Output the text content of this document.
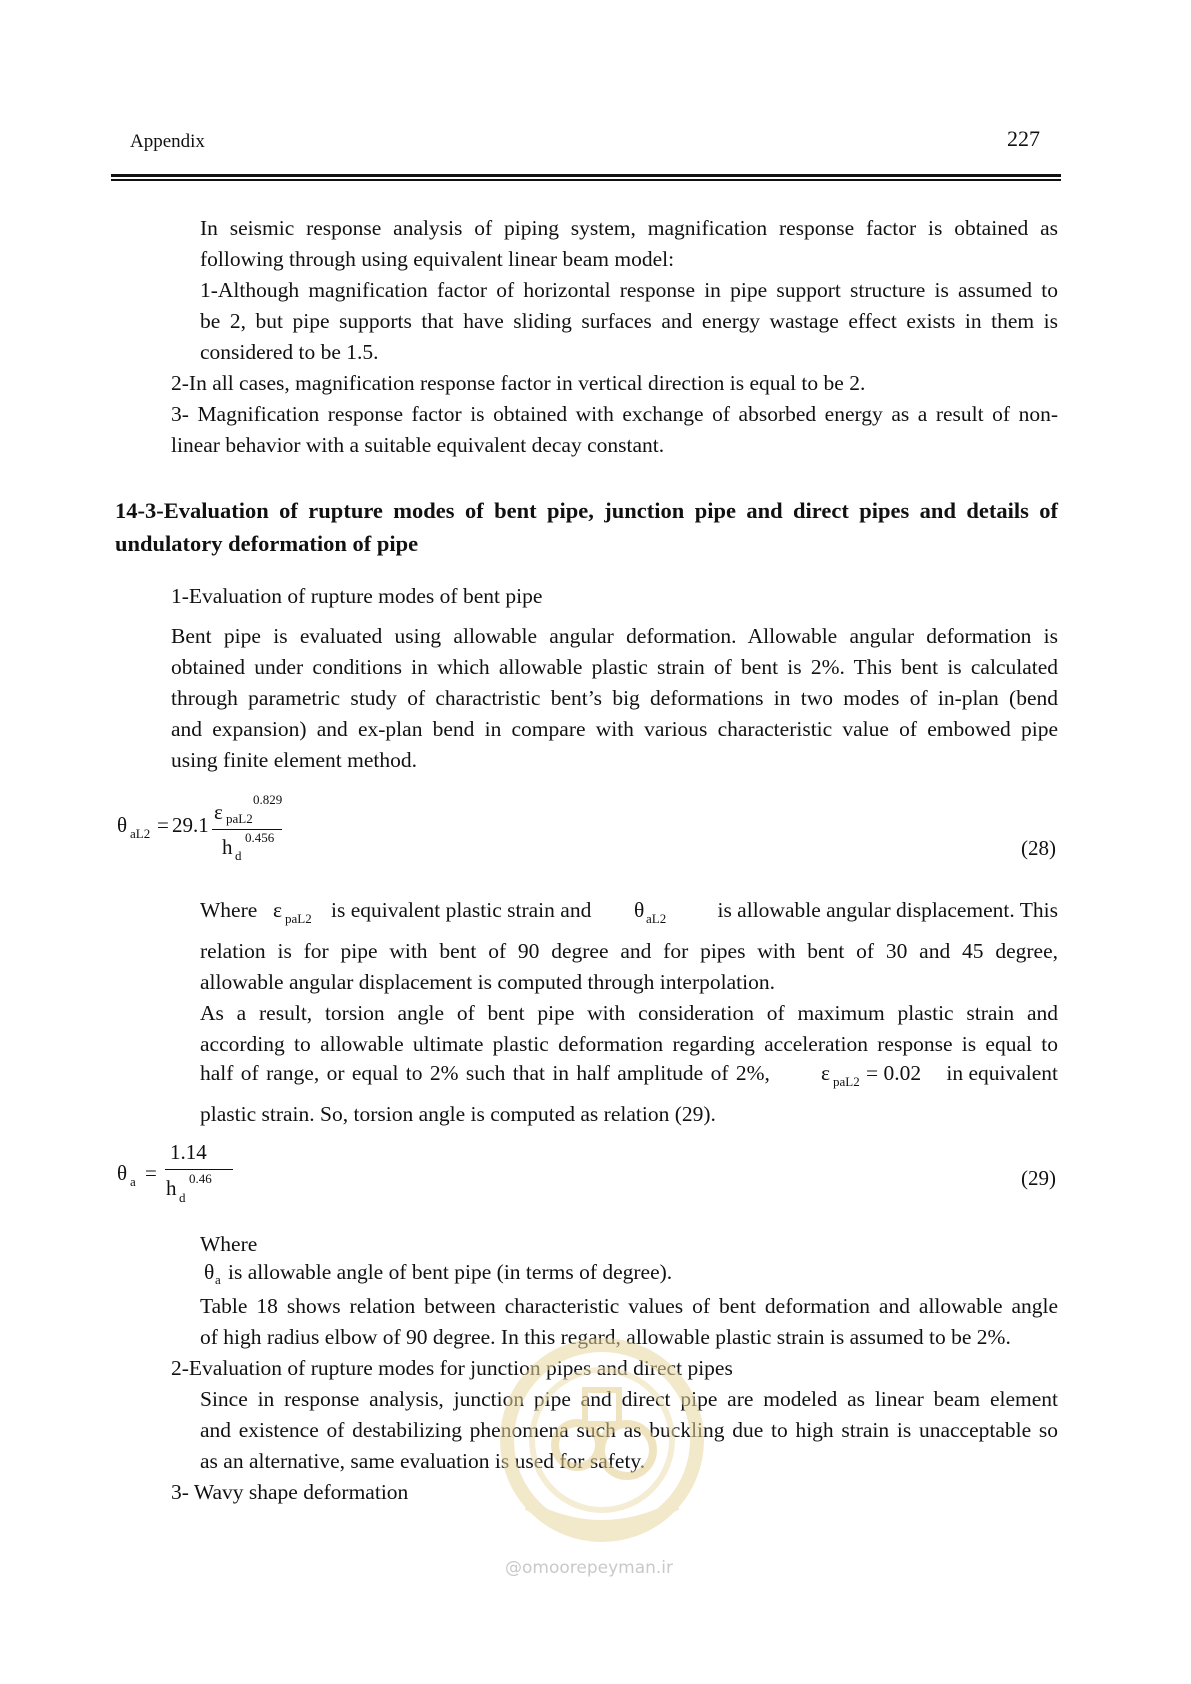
Appendix	227
In seismic response analysis of piping system, magnification response factor is obtained as
following through using equivalent linear beam model:
1-Although magnification factor of horizontal response in pipe support structure is assumed to
be 2, but pipe supports that have sliding surfaces and energy wastage effect exists in them is
considered to be 1.5.
2-In all cases, magnification response factor in vertical direction is equal to be 2.
3- Magnification response factor is obtained with exchange of absorbed energy as a result of non-
linear behavior with a suitable equivalent decay constant.
14-3-Evaluation of rupture modes of bent pipe, junction pipe and direct pipes and details of
undulatory deformation of pipe
1-Evaluation of rupture modes of bent pipe
Bent pipe is evaluated using allowable angular deformation. Allowable angular deformation is
obtained under conditions in which allowable plastic strain of bent is 2%. This bent is calculated
through parametric study of charactristic bent’s big deformations in two modes of in-plan (bend
and expansion) and ex-plan bend in compare with various characteristic value of embowed pipe
using finite element method.
θ aL2 = 29.1
0.829
ε paL2
0.456
h d	(28)
Where ε paL2 is equivalent plastic strain and θ aL2	is allowable angular displacement. This
relation is for pipe with bent of 90 degree and for pipes with bent of 30 and 45 degree,
allowable angular displacement is computed through interpolation.
As a result, torsion angle of bent pipe with consideration of maximum plastic strain and
according to allowable ultimate plastic deformation regarding acceleration response is equal to
half of range, or equal to 2% such that in half amplitude of 2%, ε paL2 = 0.02 in equivalent
plastic strain. So, torsion angle is computed as relation (29).
θ a =
1.14
0.46
h d
(29)
Where
θ a is allowable angle of bent pipe (in terms of degree).
Table 18 shows relation between characteristic values of bent deformation and allowable angle
of high radius elbow of 90 degree. In this regard, allowable plastic strain is assumed to be 2%.
2-Evaluation of rupture modes for junction pipes and direct pipes
Since in response analysis, junction pipe and direct pipe are modeled as linear beam element
and existence of destabilizing phenomena such as buckling due to high strain is unacceptable so
as an alternative, same evaluation is used for safety.
3- Wavy shape deformation
@omoorepeyman.ir
